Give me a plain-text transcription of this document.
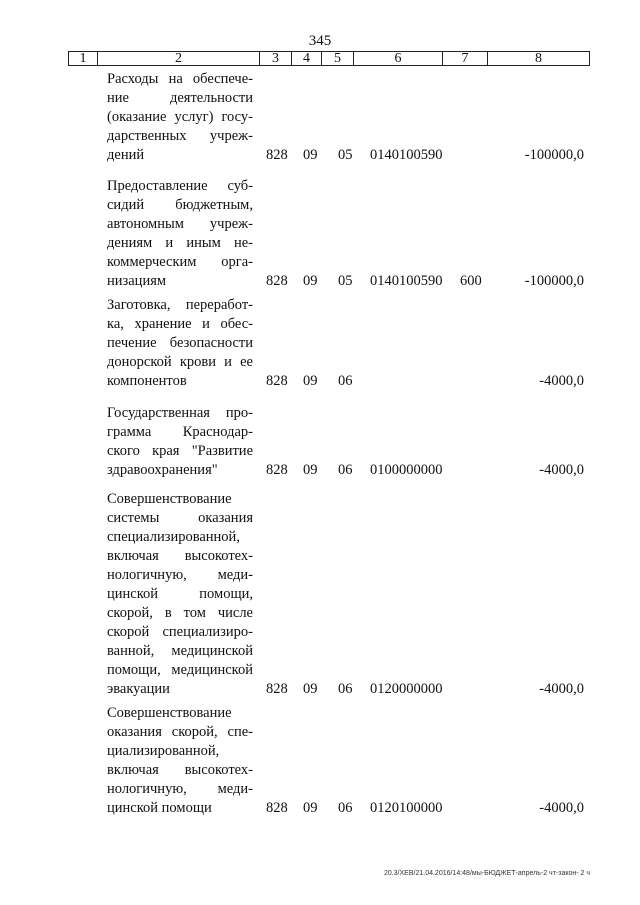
345
1	2	3	4	5	6	7	8
Расходы на обеспече-
ние деятельности
(оказание услуг) госу-
дарственных учреж-
дений	828 09 05 0140100590	-100000,0
Предоставление суб-
сидий бюджетным,
автономным учреж-
дениям и иным не-
коммерческим орга-
низациям	828 09 05 0140100590 600	-100000,0
Заготовка, переработ-
ка, хранение и обес-
печение безопасности
донорской крови и ее
компонентов	828 09 06	-4000,0
Государственная про-
грамма Краснодар-
ского края "Развитие
здравоохранения"	828 09 06 0100000000	-4000,0
Совершенствование
системы оказания
специализированной,
включая высокотех-
нологичную, меди-
цинской помощи,
скорой, в том числе
скорой специализиро-
ванной, медицинской
помощи, медицинской
эвакуации	828 09 06 0120000000	-4000,0
Совершенствование
оказания скорой, спе-
циализированной,
включая высокотех-
нологичную, меди-
цинской помощи	828 09 06 0120100000	-4000,0
20.3/XEB/21.04.2016/14:48/мы-БЮДЖЕТ-апрель-2 чт-закон- 2 ч
